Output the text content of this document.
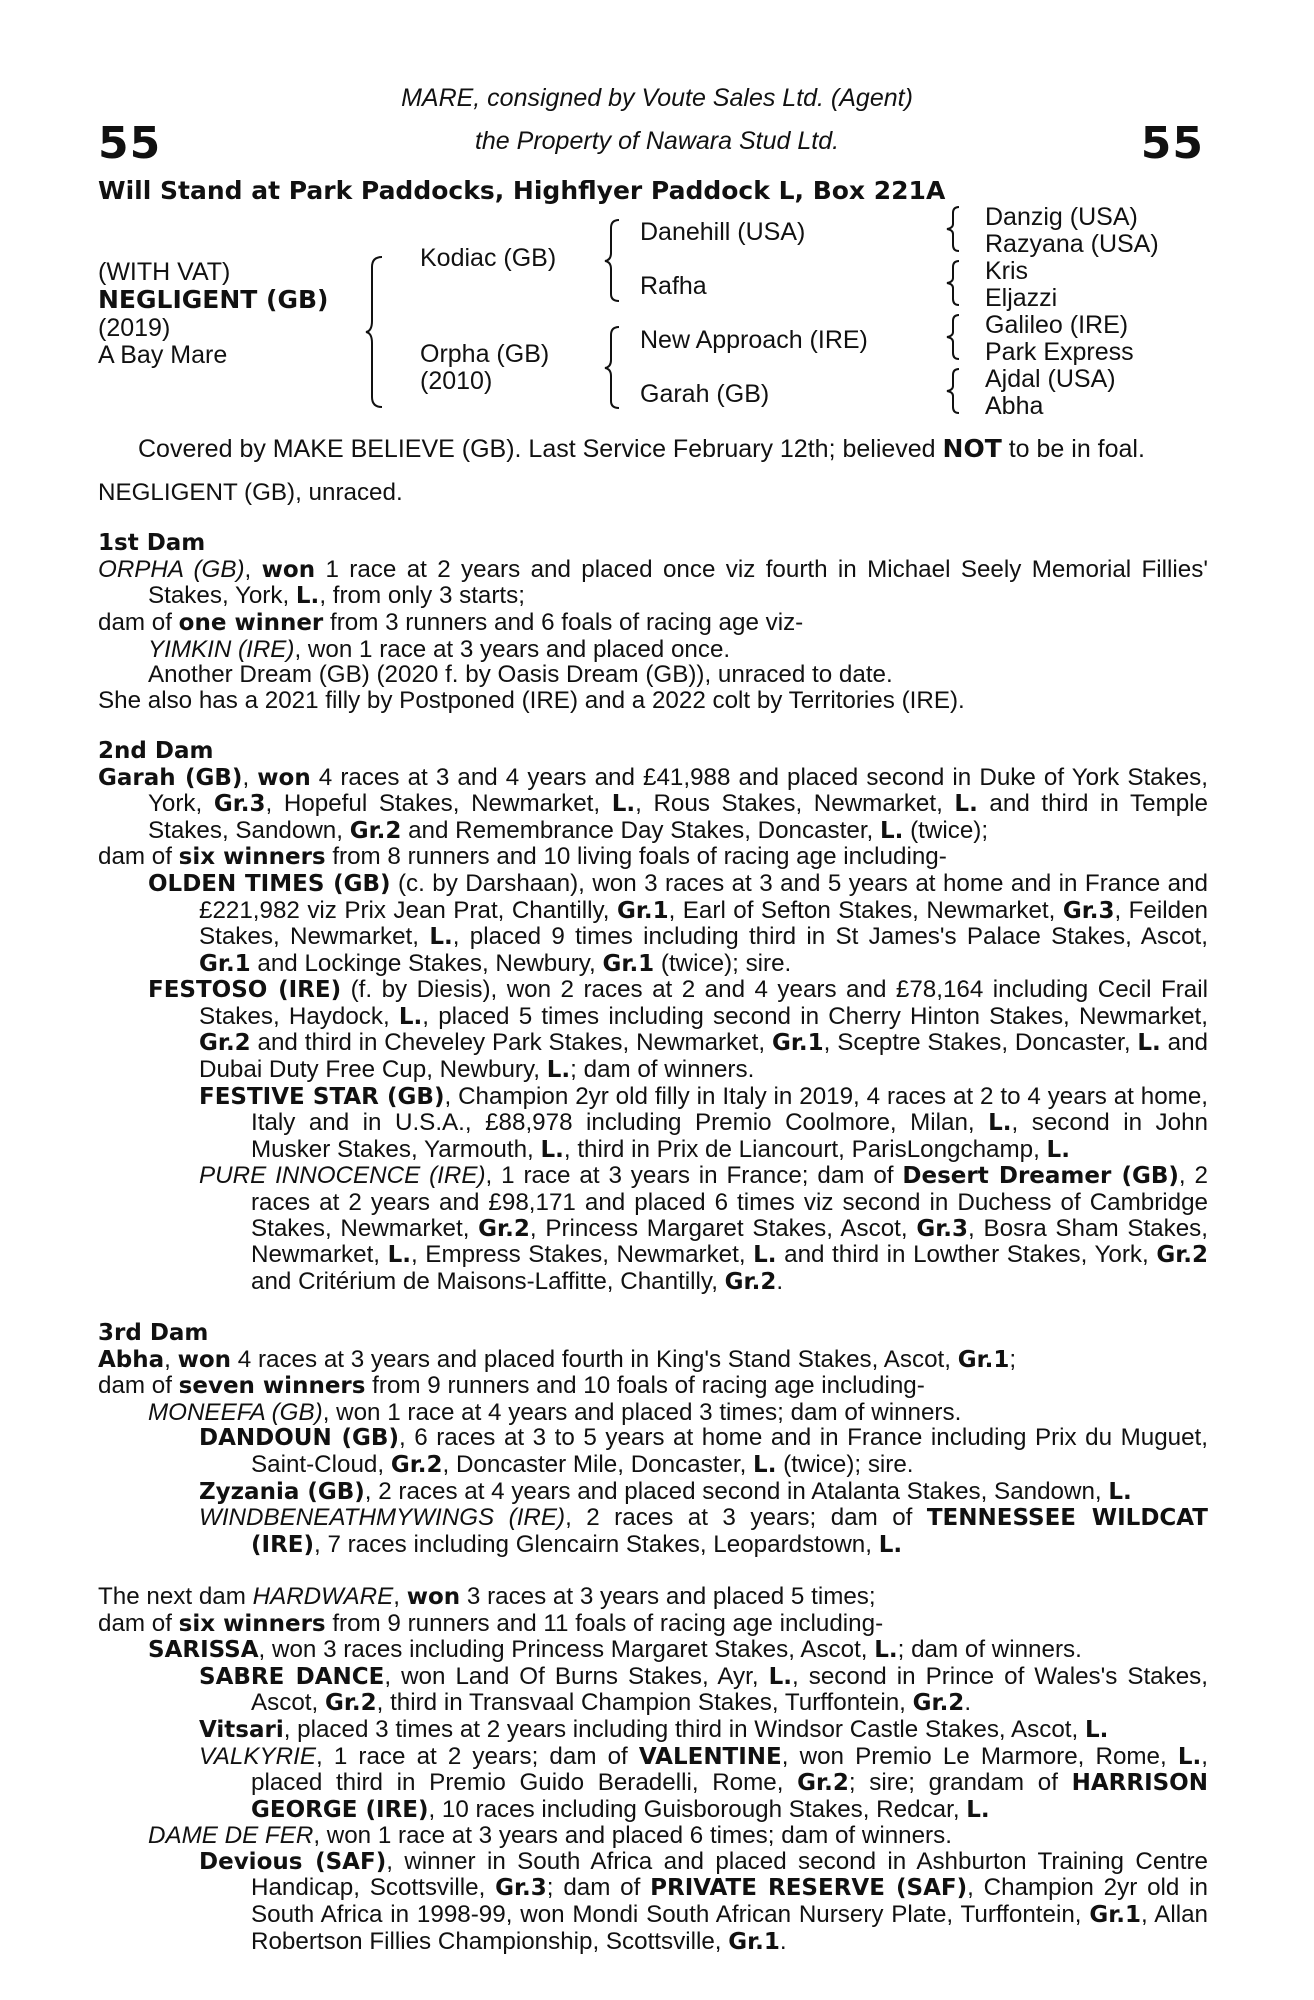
MARE, consigned by Voute Sales Ltd. (Agent)
the Property of Nawara Stud Ltd.
55	55
Will Stand at Park Paddocks, Highflyer Paddock L, Box 221A
(WITH VAT)
NEGLIGENT (GB)
(2019)
A Bay Mare
Kodiac (GB)
Orpha (GB)
(2010)
Danehill (USA)
Rafha
New Approach (IRE)
Garah (GB)
Danzig (USA)
Razyana (USA)
Kris
Eljazzi
Galileo (IRE)
Park Express
Ajdal (USA)
Abha
Covered by MAKE BELIEVE (GB). Last Service February 12th; believed NOT to be in foal.

NEGLIGENT (GB), unraced.

1st Dam

ORPHA (GB), won 1 race at 2 years and placed once viz fourth in Michael Seely Memorial Fillies' Stakes, York, L., from only 3 starts;

dam of one winner from 3 runners and 6 foals of racing age viz-

YIMKIN (IRE), won 1 race at 3 years and placed once.

Another Dream (GB) (2020 f. by Oasis Dream (GB)), unraced to date.

She also has a 2021 filly by Postponed (IRE) and a 2022 colt by Territories (IRE).

2nd Dam

Garah (GB), won 4 races at 3 and 4 years and £41,988 and placed second in Duke of York Stakes, York, Gr.3, Hopeful Stakes, Newmarket, L., Rous Stakes, Newmarket, L. and third in Temple Stakes, Sandown, Gr.2 and Remembrance Day Stakes, Doncaster, L. (twice);

dam of six winners from 8 runners and 10 living foals of racing age including-

OLDEN TIMES (GB) (c. by Darshaan), won 3 races at 3 and 5 years at home and in France and £221,982 viz Prix Jean Prat, Chantilly, Gr.1, Earl of Sefton Stakes, Newmarket, Gr.3, Feilden Stakes, Newmarket, L., placed 9 times including third in St James's Palace Stakes, Ascot, Gr.1 and Lockinge Stakes, Newbury, Gr.1 (twice); sire.

FESTOSO (IRE) (f. by Diesis), won 2 races at 2 and 4 years and £78,164 including Cecil Frail Stakes, Haydock, L., placed 5 times including second in Cherry Hinton Stakes, Newmarket, Gr.2 and third in Cheveley Park Stakes, Newmarket, Gr.1, Sceptre Stakes, Doncaster, L. and Dubai Duty Free Cup, Newbury, L.; dam of winners.

FESTIVE STAR (GB), Champion 2yr old filly in Italy in 2019, 4 races at 2 to 4 years at home, Italy and in U.S.A., £88,978 including Premio Coolmore, Milan, L., second in John Musker Stakes, Yarmouth, L., third in Prix de Liancourt, ParisLongchamp, L.

PURE INNOCENCE (IRE), 1 race at 3 years in France; dam of Desert Dreamer (GB), 2 races at 2 years and £98,171 and placed 6 times viz second in Duchess of Cambridge Stakes, Newmarket, Gr.2, Princess Margaret Stakes, Ascot, Gr.3, Bosra Sham Stakes, Newmarket, L., Empress Stakes, Newmarket, L. and third in Lowther Stakes, York, Gr.2 and Critérium de Maisons-Laffitte, Chantilly, Gr.2.

3rd Dam

Abha, won 4 races at 3 years and placed fourth in King's Stand Stakes, Ascot, Gr.1;

dam of seven winners from 9 runners and 10 foals of racing age including-

MONEEFA (GB), won 1 race at 4 years and placed 3 times; dam of winners.

DANDOUN (GB), 6 races at 3 to 5 years at home and in France including Prix du Muguet, Saint-Cloud, Gr.2, Doncaster Mile, Doncaster, L. (twice); sire.

Zyzania (GB), 2 races at 4 years and placed second in Atalanta Stakes, Sandown, L.

WINDBENEATHMYWINGS (IRE), 2 races at 3 years; dam of TENNESSEE WILDCAT (IRE), 7 races including Glencairn Stakes, Leopardstown, L.

The next dam HARDWARE, won 3 races at 3 years and placed 5 times;

dam of six winners from 9 runners and 11 foals of racing age including-

SARISSA, won 3 races including Princess Margaret Stakes, Ascot, L.; dam of winners.

SABRE DANCE, won Land Of Burns Stakes, Ayr, L., second in Prince of Wales's Stakes, Ascot, Gr.2, third in Transvaal Champion Stakes, Turffontein, Gr.2.

Vitsari, placed 3 times at 2 years including third in Windsor Castle Stakes, Ascot, L.

VALKYRIE, 1 race at 2 years; dam of VALENTINE, won Premio Le Marmore, Rome, L., placed third in Premio Guido Beradelli, Rome, Gr.2; sire; grandam of HARRISON GEORGE (IRE), 10 races including Guisborough Stakes, Redcar, L.

DAME DE FER, won 1 race at 3 years and placed 6 times; dam of winners.

Devious (SAF), winner in South Africa and placed second in Ashburton Training Centre Handicap, Scottsville, Gr.3; dam of PRIVATE RESERVE (SAF), Champion 2yr old in South Africa in 1998-99, won Mondi South African Nursery Plate, Turffontein, Gr.1, Allan Robertson Fillies Championship, Scottsville, Gr.1.
